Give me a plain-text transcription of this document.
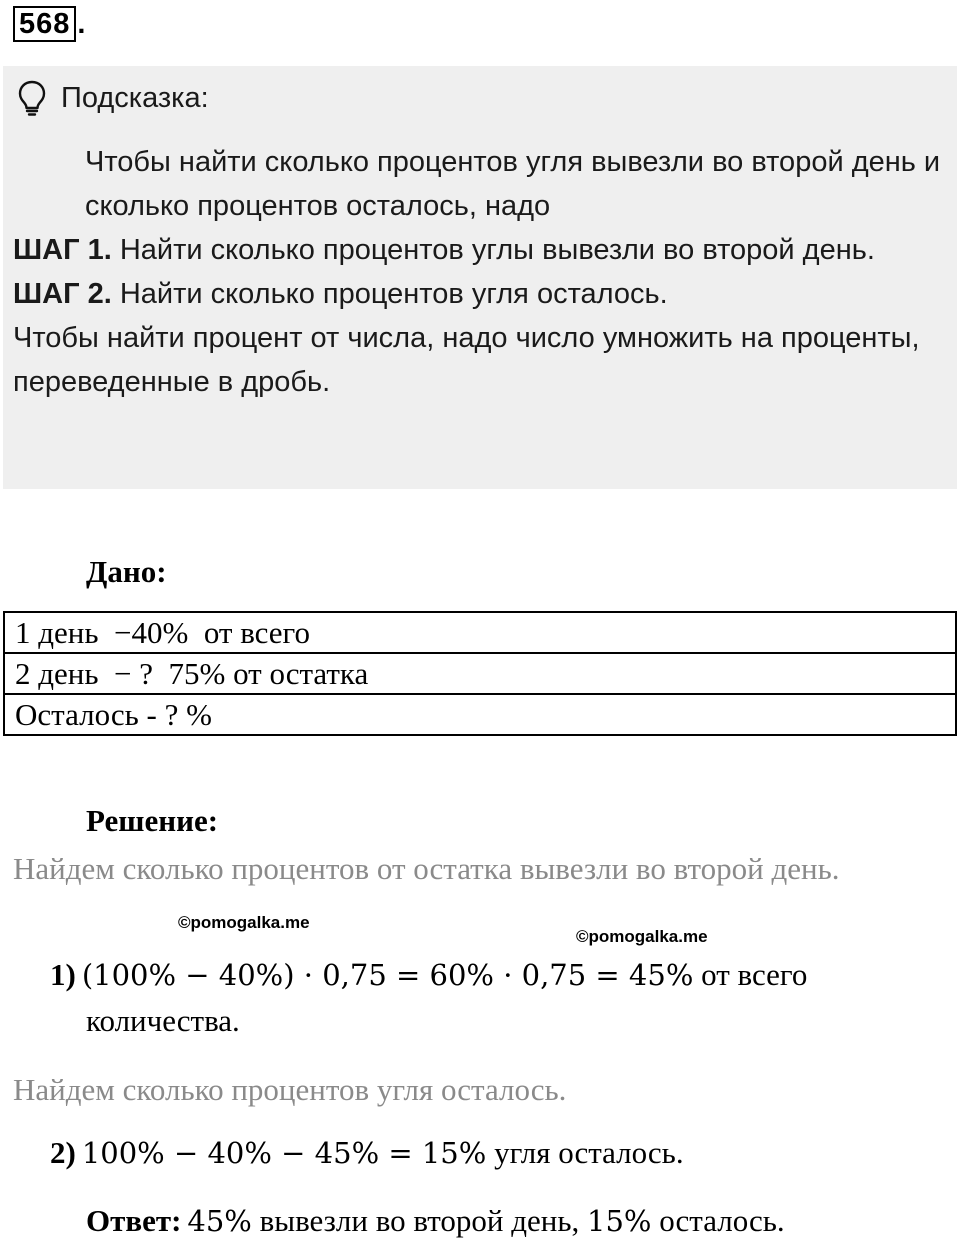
568 .
Подсказка:

Чтобы найти сколько процентов угля вывезли во второй день и сколько процентов осталось, надо

ШАГ 1. Найти сколько процентов углы вывезли во второй день.

ШАГ 2. Найти сколько процентов угля осталось.

Чтобы найти процент от числа, надо число умножить на проценты, переведенные в дробь.

Дано:
1 день  −40%  от всего
2 день  − ?  75% от остатка
Осталось - ? %
Решение:
Найдем сколько процентов от остатка вывезли во второй день.
©pomogalka.me
©pomogalka.me
1) (100% − 40%) · 0,75 = 60% · 0,75 = 45% от всего
количества.
Найдем сколько процентов угля осталось.
2) 100% − 40% − 45% = 15% угля осталось.
Ответ: 45% вывезли во второй день, 15% осталось.
